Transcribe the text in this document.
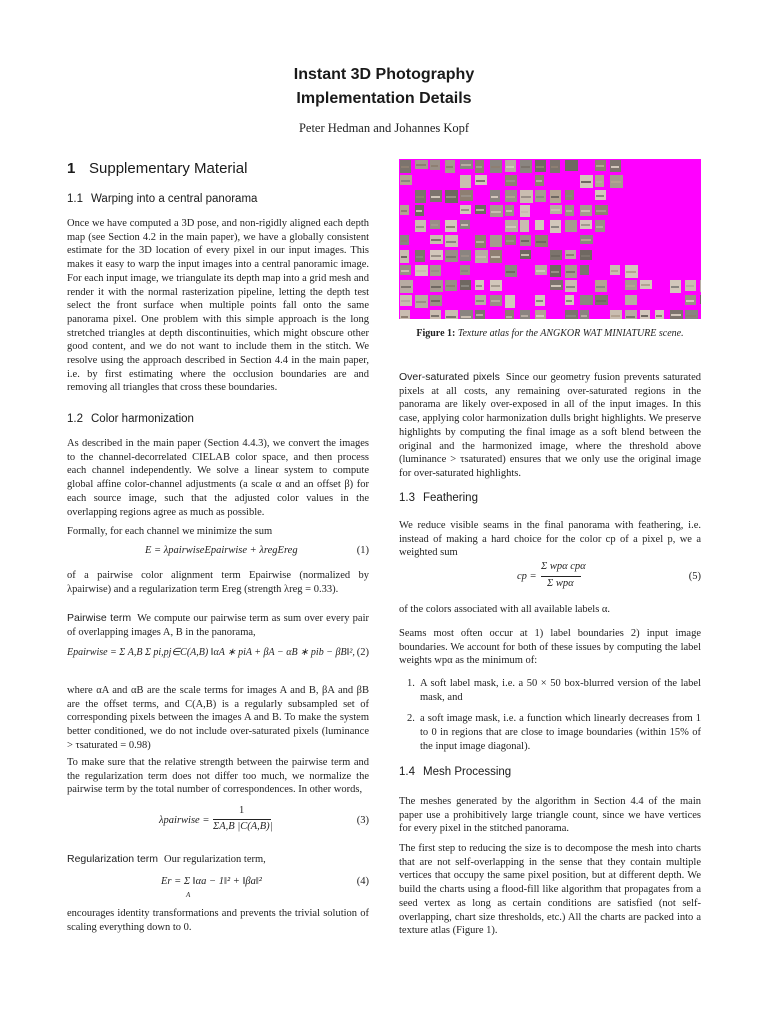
Instant 3D Photography
Implementation Details
Peter Hedman and Johannes Kopf
1 Supplementary Material
1.1 Warping into a central panorama
Once we have computed a 3D pose, and non-rigidly aligned each depth map (see Section 4.2 in the main paper), we have a globally consistent estimate for the 3D location of every pixel in our input images. This makes it easy to warp the input images into a central panoramic image. For each input image, we triangulate its depth map into a grid mesh and render it with the normal rasterization pipeline, letting the depth test select the front surface when multiple points fall onto the same panorama pixel. One problem with this simple approach is the long stretched triangles at depth discontinuities, which might obscure other good content, and we do not want to include them in the stitch. We resolve using the approach described in Section 4.4 in the main paper, i.e. by first estimating where the occlusion boundaries are and removing all triangles that cross these boundaries.
1.2 Color harmonization
As described in the main paper (Section 4.4.3), we convert the images to the channel-decorrelated CIELAB color space, and then process each channel independently. We solve a linear system to compute global affine color-channel adjustments (a scale α and an offset β) for each source image, such that the adjusted color values in the overlapping regions agree as much as possible.
Formally, for each channel we minimize the sum
E = λpairwiseEpairwise + λregEreg	(1)
of a pairwise color alignment term Epairwise (normalized by λpairwise) and a regularization term Ereg (strength λreg = 0.33).
Pairwise term We compute our pairwise term as sum over every pair of overlapping images A, B in the panorama,
Epairwise = Σ A,B Σ pi,pj∈C(A,B) ‖αA ∗ piA + βA − αB ∗ pib − βB‖², (2)
where αA and αB are the scale terms for images A and B, βA and βB are the offset terms, and C(A,B) is a regularly subsampled set of corresponding pixels between the images A and B. To make the system better conditioned, we do not include over-saturated pixels (luminance > τsaturated = 0.98)
To make sure that the relative strength between the pairwise term and the regularization term does not differ too much, we normalize the pairwise term by the total number of correspondences. In other words,
λpairwise =
1
ΣA,B |C(A,B)|
(3)
Regularization term Our regularization term,
Er = Σ ‖αa − 1‖² + ‖βa‖²
A
(4)
encourages identity transformations and prevents the trivial solution of scaling everything down to 0.
Figure 1: Texture atlas for the ANGKOR WAT MINIATURE scene.
Over-saturated pixels Since our geometry fusion prevents saturated pixels at all costs, any remaining over-saturated regions in the panorama are likely over-exposed in all of the input images. In this case, applying color harmonization dulls bright highlights. We preserve highlights by computing the final image as a soft blend between the original and the harmonized image, where the threshold above (luminance > τsaturated) ensures that we only use the original image for over-saturated highlights.
1.3 Feathering
We reduce visible seams in the final panorama with feathering, i.e. instead of making a hard choice for the color cp of a pixel p, we a weighted sum
cp =
Σ wpα cpα
Σ wpα
(5)
of the colors associated with all available labels α.
Seams most often occur at 1) label boundaries 2) input image boundaries. We account for both of these issues by computing the label weights wpα as the minimum of:
1. A soft label mask, i.e. a 50 × 50 box-blurred version of the label mask, and
2. a soft image mask, i.e. a function which linearly decreases from 1 to 0 in regions that are close to image boundaries (within 15% of the input image diagonal).
1.4 Mesh Processing
The meshes generated by the algorithm in Section 4.4 of the main paper use a prohibitively large triangle count, since we have vertices for every pixel in the stitched panorama.
The first step to reducing the size is to decompose the mesh into charts that are not self-overlapping in the sense that they contain multiple vertices that occupy the same pixel position, but at different depth. We build the charts using a flood-fill like algorithm that propagates from a seed vertex as long as certain conditions are satisfied (not self-overlapping, chart size thresholds, etc.) All the charts are packed into a texture atlas (Figure 1).
